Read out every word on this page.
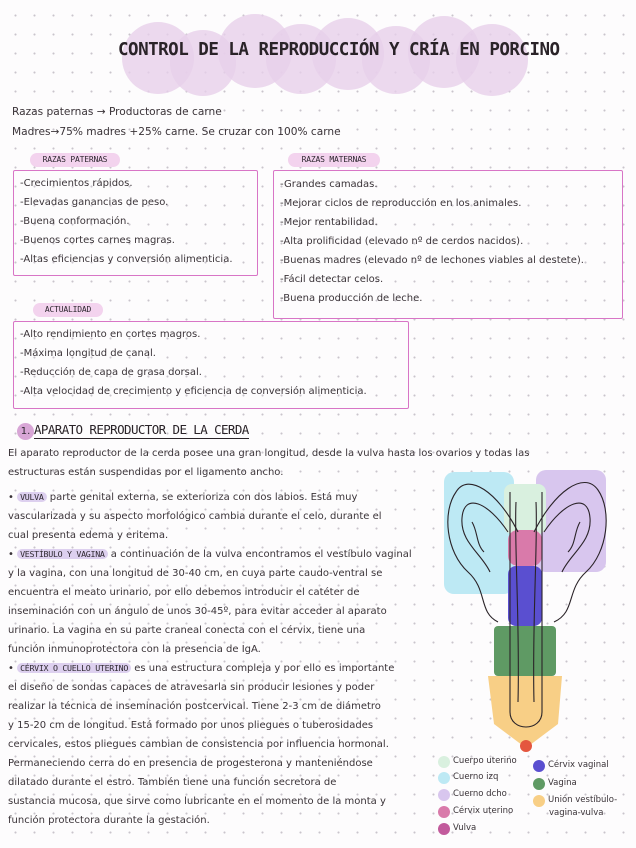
CONTROL DE LA REPRODUCCIÓN Y CRÍA EN PORCINO
Razas paternas → Productoras de carne
Madres→75% madres +25% carne. Se cruzar con 100% carne
RAZAS PATERNAS
-Crecimientos rápidos.
-Elevadas ganancias de peso.
-Buena conformación.
-Buenos cortes carnes magras.
-Altas eficiencias y conversión alimenticia.
RAZAS MATERNAS
-Grandes camadas.
-Mejorar ciclos de reproducción en los animales.
-Mejor rentabilidad.
-Alta prolificidad (elevado nº de cerdos nacidos).
-Buenas madres (elevado nº de lechones viables al destete).
-Fácil detectar celos.
-Buena producción de leche.
ACTUALIDAD
-Alto rendimiento en cortes magros.
-Máxima longitud de canal.
-Reducción de capa de grasa dorsal.
-Alta velocidad de crecimiento y eficiencia de conversión alimenticia.
1. APARATO REPRODUCTOR DE LA CERDA
El aparato reproductor de la cerda posee una gran longitud, desde la vulva hasta los ovarios y todas las
estructuras están suspendidas por el ligamento ancho.
• VULVA parte genital externa, se exterioriza con dos labios. Está muy
vascularizada y su aspecto morfológico cambia durante el celo, durante el
cual presenta edema y eritema.
• VESTÍBULO Y VAGINA a continuación de la vulva encontramos el vestíbulo vaginal
y la vagina, con una longitud de 30-40 cm, en cuya parte caudo-ventral se
encuentra el meato urinario, por ello debemos introducir el catéter de
inseminación con un ángulo de unos 30-45º, para evitar acceder al aparato
urinario. La vagina en su parte craneal conecta con el cérvix, tiene una
función inmunoprotectora con la presencia de IgA.
• CÉRVIX O CUELLO UTERINO es una estructura compleja y por ello es importante
el diseño de sondas capaces de atravesarla sin producir lesiones y poder
realizar la técnica de inseminación postcervical. Tiene 2-3 cm de diámetro
y 15-20 cm de longitud. Está formado por unos pliegues o tuberosidades
cervicales, estos pliegues cambian de consistencia por influencia hormonal.
Permaneciendo cerra do en presencia de progesterona y manteniéndose
dilatado durante el estro. También tiene una función secretora de
sustancia mucosa, que sirve como lubricante en el momento de la monta y
función protectora durante la gestación.
Cuerpo uterino
Cuerno izq
Cuerno dcho
Cérvix uterino
Vulva
Cérvix vaginal
Vagina
Unión vestíbulo-
vagina-vulva
